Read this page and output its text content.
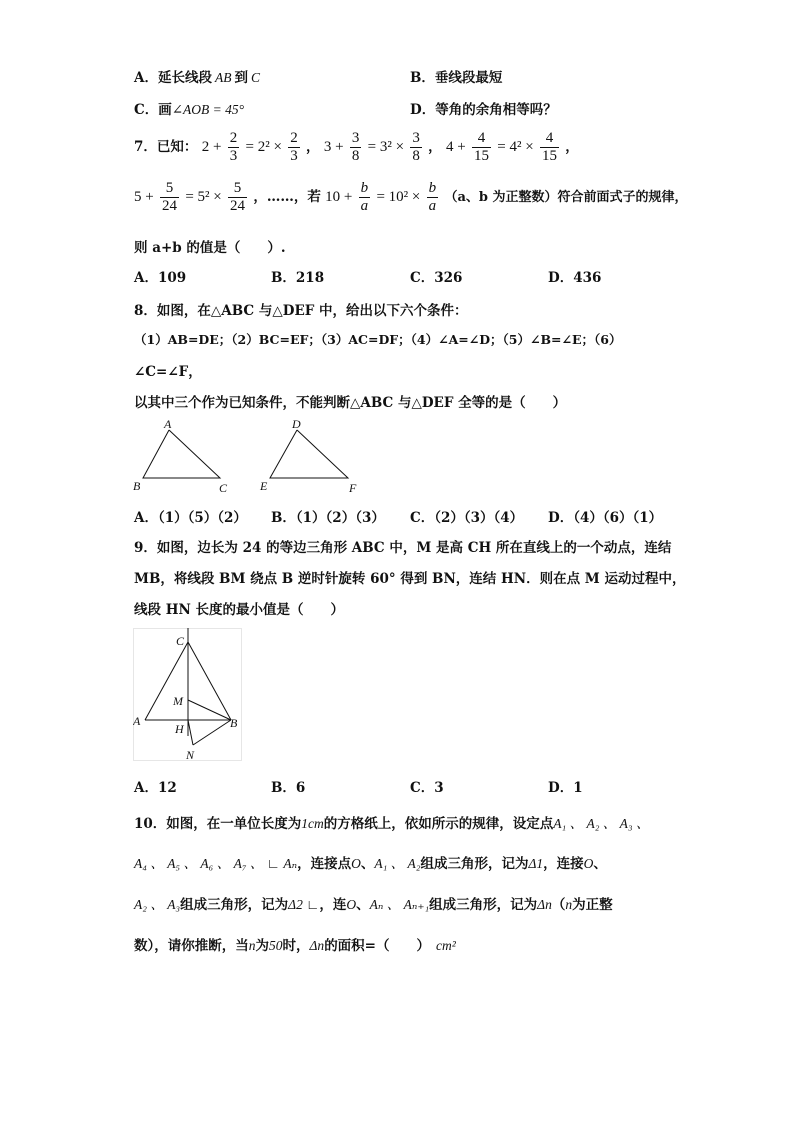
A．延长线段 AB 到 C	B．垂线段最短
C．画∠AOB = 45°	D．等角的余角相等吗？
7．已知： $2 + \frac{2}{3} = 2^2 \times \frac{2}{3}$ ， $3 + \frac{3}{8} = 3^2 \times \frac{3}{8}$ ， $4 + \frac{4}{15} = 4^2 \times \frac{4}{15}$ ，
$5 + \frac{5}{24} = 5^2 \times \frac{5}{24}$ ，……，若 $10 + \frac{b}{a} = 10^2 \times \frac{b}{a} (a$、b 为正整数）符合前面式子的规律，
则 a+b 的值是（　　）.
A．109	B．218	C．326	D．436
8．如图，在△ABC 与△DEF 中，给出以下六个条件：
（1）AB=DE；（2）BC=EF；（3）AC=DF；（4）∠A=∠D；（5）∠B=∠E；（6）
∠C=∠F，
以其中三个作为已知条件，不能判断△ABC 与△DEF 全等的是（　　）
A
B	C
D
E	F
A．（1）（5）（2） B．（1）（2）（3） C．（2）（3）（4） D．（4）（6）（1）
9．如图，边长为 24 的等边三角形 ABC 中，M 是高 CH 所在直线上的一个动点，连结
MB，将线段 BM 绕点 B 逆时针旋转 60° 得到 BN，连结 HN．则在点 M 运动过程中，
线段 HN 长度的最小值是（　　）
C
M
A
H	B
N
A．12	B．6	C．3	D．1
10．如图，在一单位长度为1cm的方格纸上，依如所示的规律，设定点A₁ 、 A₂ 、 A₃ 、
A₄ 、 A₅ 、 A₆ 、 A₇ 、 ∟ Aₙ，连接点O、A₁ 、 A₂组成三角形，记为Δ1，连接O、
A₂ 、 A₃组成三角形，记为Δ2 ∟，连O、Aₙ 、 Aₙ₊₁组成三角形，记为Δn（n为正整
数），请你推断，当n为50时，Δn的面积=（　　） cm²
